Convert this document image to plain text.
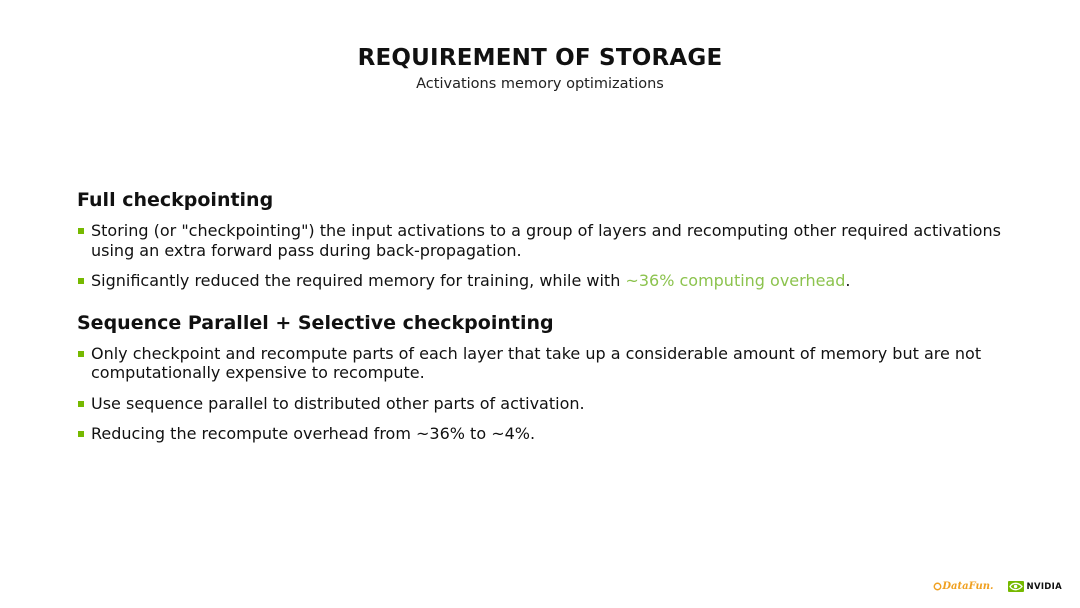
REQUIREMENT OF STORAGE
Activations memory optimizations
Full checkpointing
Storing (or "checkpointing") the input activations to a group of layers and recomputing other required activations using an extra forward pass during back-propagation.
Significantly reduced the required memory for training, while with ~36% computing overhead.
Sequence Parallel + Selective checkpointing
Only checkpoint and recompute parts of each layer that take up a considerable amount of memory but are not computationally expensive to recompute.
Use sequence parallel to distributed other parts of activation.
Reducing the recompute overhead from ~36% to ~4%.
DataFun.	NVIDIA
